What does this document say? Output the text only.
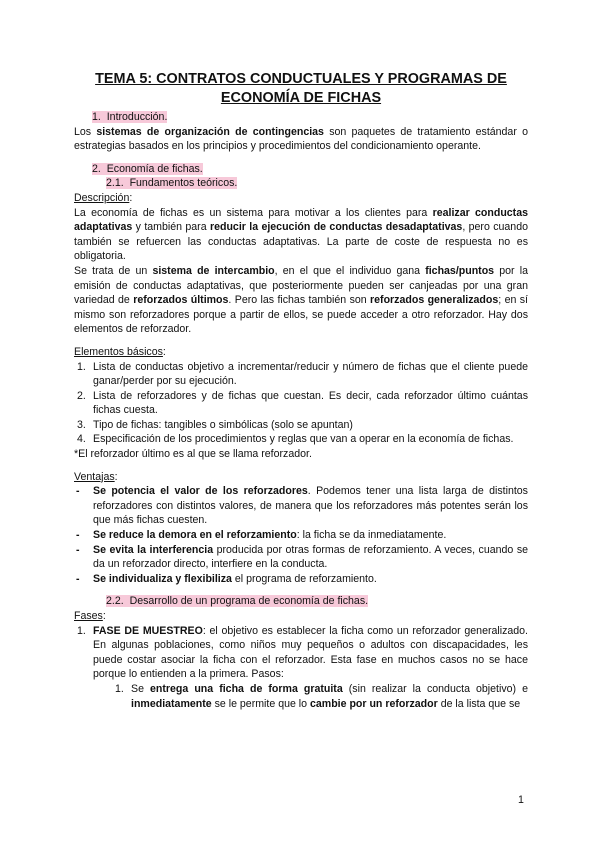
TEMA 5: CONTRATOS CONDUCTUALES Y PROGRAMAS DE
ECONOMÍA DE FICHAS
1. Introducción.

Los sistemas de organización de contingencias son paquetes de tratamiento estándar o estrategias basados en los principios y procedimientos del condicionamiento operante.

2. Economía de fichas.
2.1. Fundamentos teóricos.
Descripción:

La economía de fichas es un sistema para motivar a los clientes para realizar conductas adaptativas y también para reducir la ejecución de conductas desadaptativas, pero cuando también se refuercen las conductas adaptativas. La parte de coste de respuesta no es obligatoria.

Se trata de un sistema de intercambio, en el que el individuo gana fichas/puntos por la emisión de conductas adaptativas, que posteriormente pueden ser canjeadas por una gran variedad de reforzados últimos. Pero las fichas también son reforzados generalizados; en sí mismo son reforzadores porque a partir de ellos, se puede acceder a otro reforzador. Hay dos elementos de reforzador.

Elementos básicos:
1. Lista de conductas objetivo a incrementar/reducir y número de fichas que el cliente puede ganar/perder por su ejecución.
2. Lista de reforzadores y de fichas que cuestan. Es decir, cada reforzador último cuántas fichas cuesta.
3. Tipo de fichas: tangibles o simbólicas (solo se apuntan)
4. Especificación de los procedimientos y reglas que van a operar en la economía de fichas.

*El reforzador último es al que se llama reforzador.

Ventajas:
- Se potencia el valor de los reforzadores. Podemos tener una lista larga de distintos reforzadores con distintos valores, de manera que los reforzadores más potentes serán los que más fichas cuesten.
- Se reduce la demora en el reforzamiento: la ficha se da inmediatamente.
- Se evita la interferencia producida por otras formas de reforzamiento. A veces, cuando se da un reforzador directo, interfiere en la conducta.
- Se individualiza y flexibiliza el programa de reforzamiento.
2.2. Desarrollo de un programa de economía de fichas.
Fases:
1. FASE DE MUESTREO: el objetivo es establecer la ficha como un reforzador generalizado. En algunas poblaciones, como niños muy pequeños o adultos con discapacidades, les puede costar asociar la ficha con el reforzador. Esta fase en muchos casos no se hace porque lo entienden a la primera. Pasos:
1. Se entrega una ficha de forma gratuita (sin realizar la conducta objetivo) e inmediatamente se le permite que lo cambie por un reforzador de la lista que se
1
